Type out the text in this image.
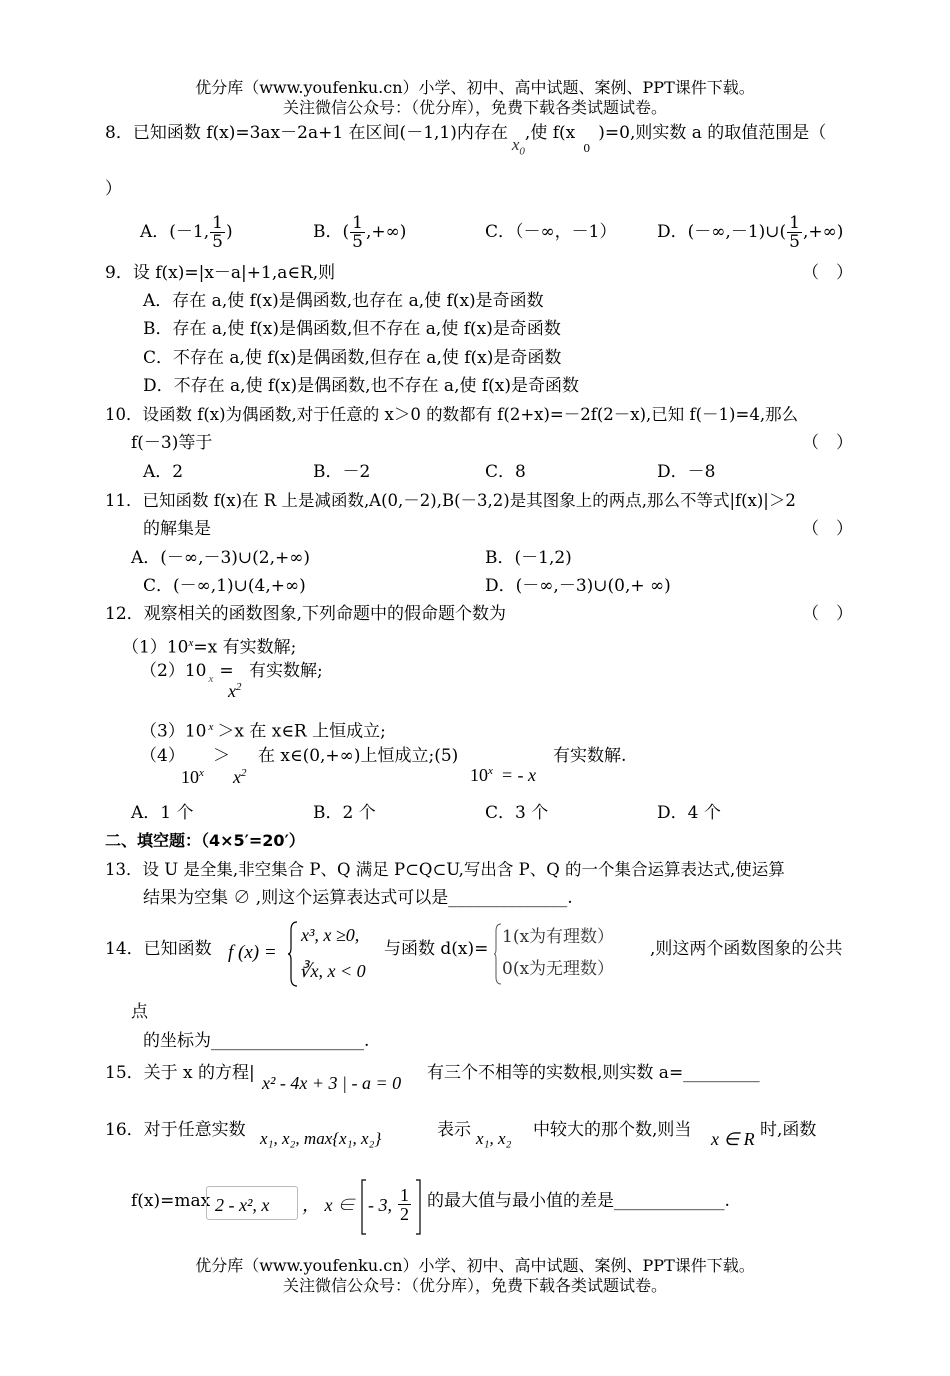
优分库（www.youfenku.cn）小学、初中、高中试题、案例、PPT课件下载。
关注微信公众号：（优分库），免费下载各类试题试卷。
8．已知函数 f(x)=3ax－2a+1 在区间(－1,1)内存在$x_0$,使 $f(x_0)=0$,则实数 a 的取值范围是（
）
A．(－1, $\frac{1}{5}$ )	B．( $\frac{1}{5}$ ,+∞)	C．（－∞，－1） D．(－∞,－1)∪( $\frac{1}{5}$ ,+∞)
9．设 f(x)=|x－a|+1,a∈R,则	（　）
A．存在 a,使 f(x)是偶函数,也存在 a,使 f(x)是奇函数
B．存在 a,使 f(x)是偶函数,但不存在 a,使 f(x)是奇函数
C．不存在 a,使 f(x)是偶函数,但存在 a,使 f(x)是奇函数
D．不存在 a,使 f(x)是偶函数,也不存在 a,使 f(x)是奇函数
10．设函数 f(x)为偶函数,对于任意的 x＞0 的数都有 f(2+x)=－2f(2－x),已知 f(－1)=4,那么
f(－3)等于	（　）
A．2	B．－2	C．8	D．－8
11．已知函数 f(x)在 R 上是减函数,A(0,－2),B(－3,2)是其图象上的两点,那么不等式|f(x)|＞2
的解集是	（　）
A．(－∞,－3)∪(2,+∞)	B．(－1,2)
C．(－∞,1)∪(4,+∞)	D．(－∞,－3)∪(0,+ ∞)
12．观察相关的函数图象,下列命题中的假命题个数为	（　）
$(1)10^x=x$ 有实数解;
（2）10 $_x$ =
$x^2$
有实数解;
（3）10 $^x$ ＞x 在 x∈R 上恒成立;
（4） ＞
$10^x$ $x^2$
在 x∈(0,+∞)上恒成立;(5)
$10^x$ = - x
有实数解.
A．1 个	B．2 个	C．3 个	D．4 个
二、填空题：（4×5′=20′）
13．设 U 是全集,非空集合 P、Q 满足 P⊂Q⊂U,写出含 P、Q 的一个集合运算表达式,使运算
结果为空集 ∅ ,则这个运算表达式可以是______________.
14．已知函数 f (x) =
x³, x ≥0,
∛x, x < 0
与函数 d(x)=
1(x为有理数）
0(x为无理数）
,则这两个函数图象的公共
点
的坐标为__________________.
15．关于 x 的方程| x² - 4x + 3 | - a = 0 有三个不相等的实数根,则实数 a=_________
16．对于任意实数 x₁, x₂, max{x₁, x₂}	表示 x₁, x₂ 中较大的那个数,则当 x ∈ R 时,函数
f(x)=max 2 - x², x ， x ∈ - 3, $\frac{1}{2}$ 的最大值与最小值的差是_____________.
优分库（www.youfenku.cn）小学、初中、高中试题、案例、PPT课件下载。
关注微信公众号：（优分库），免费下载各类试题试卷。
